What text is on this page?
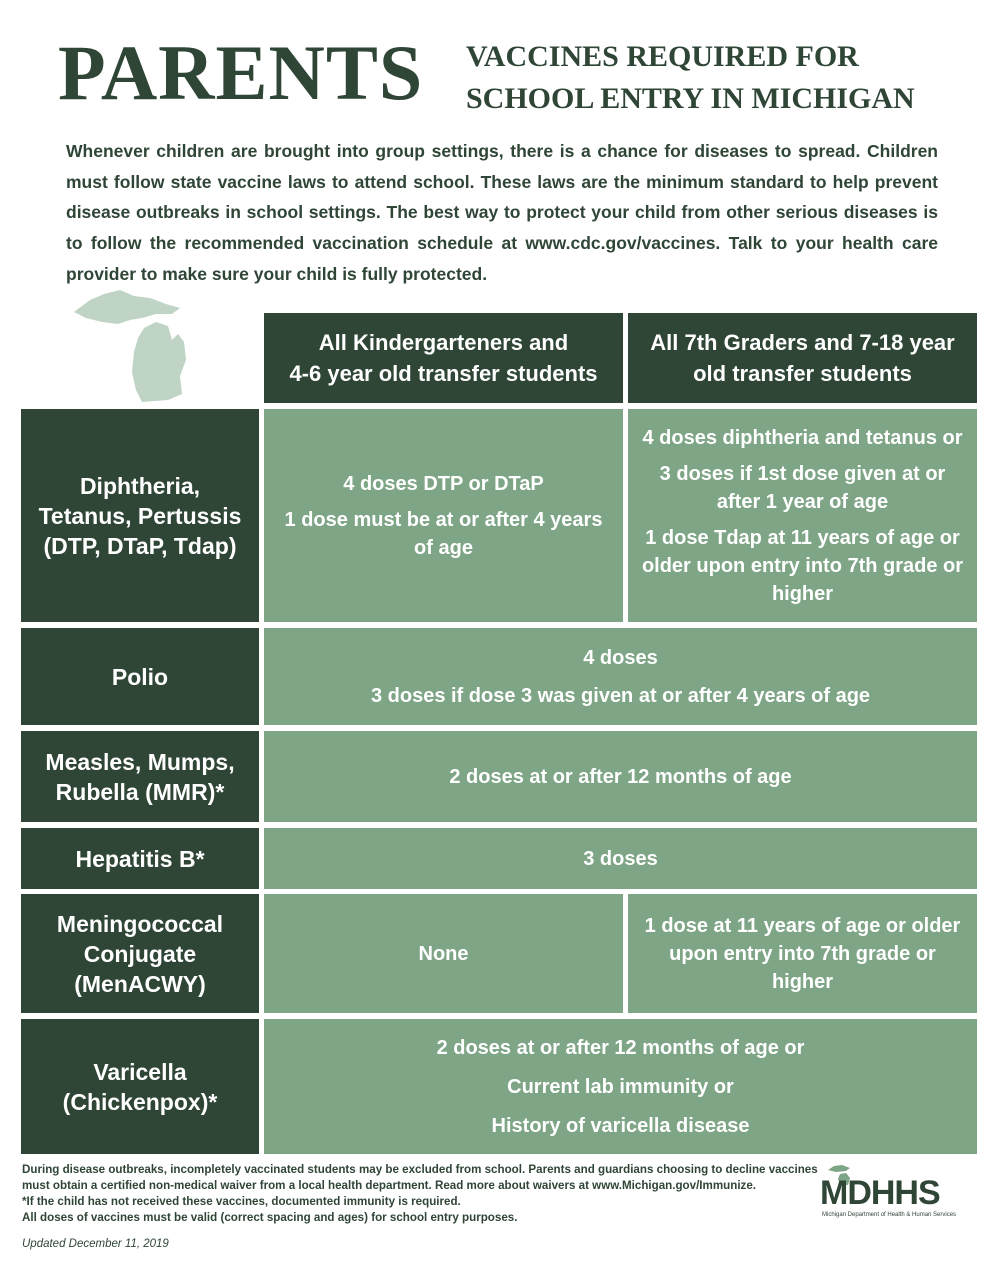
PARENTS VACCINES REQUIRED FOR
SCHOOL ENTRY IN MICHIGAN
Whenever children are brought into group settings, there is a chance for diseases to spread. Children must follow state vaccine laws to attend school. These laws are the minimum standard to help prevent disease outbreaks in school settings. The best way to protect your child from other serious diseases is to follow the recommended vaccination schedule at www.cdc.gov/vaccines. Talk to your health care provider to make sure your child is fully protected.
All Kindergarteners and
4-6 year old transfer students
All 7th Graders and 7-18 year
old transfer students
Diphtheria,
Tetanus, Pertussis
(DTP, DTaP, Tdap)

4 doses DTP or DTaP

1 dose must be at or after 4 years of age

4 doses diphtheria and tetanus or

3 doses if 1st dose given at or after 1 year of age

1 dose Tdap at 11 years of age or older upon entry into 7th grade or higher

Polio

4 doses

3 doses if dose 3 was given at or after 4 years of age

Measles, Mumps,
Rubella (MMR)*

2 doses at or after 12 months of age

Hepatitis B*	3 doses

Meningococcal
Conjugate
(MenACWY)

None

1 dose at 11 years of age or older upon entry into 7th grade or higher

Varicella
(Chickenpox)*

2 doses at or after 12 months of age or

Current lab immunity or

History of varicella disease

During disease outbreaks, incompletely vaccinated students may be excluded from school. Parents and guardians choosing to decline vaccines must obtain a certified non-medical waiver from a local health department. Read more about waivers at www.Michigan.gov/Immunize.
*If the child has not received these vaccines, documented immunity is required.
All doses of vaccines must be valid (correct spacing and ages) for school entry purposes.
Updated December 11, 2019
MDHHS
Michigan Department of Health & Human Services
